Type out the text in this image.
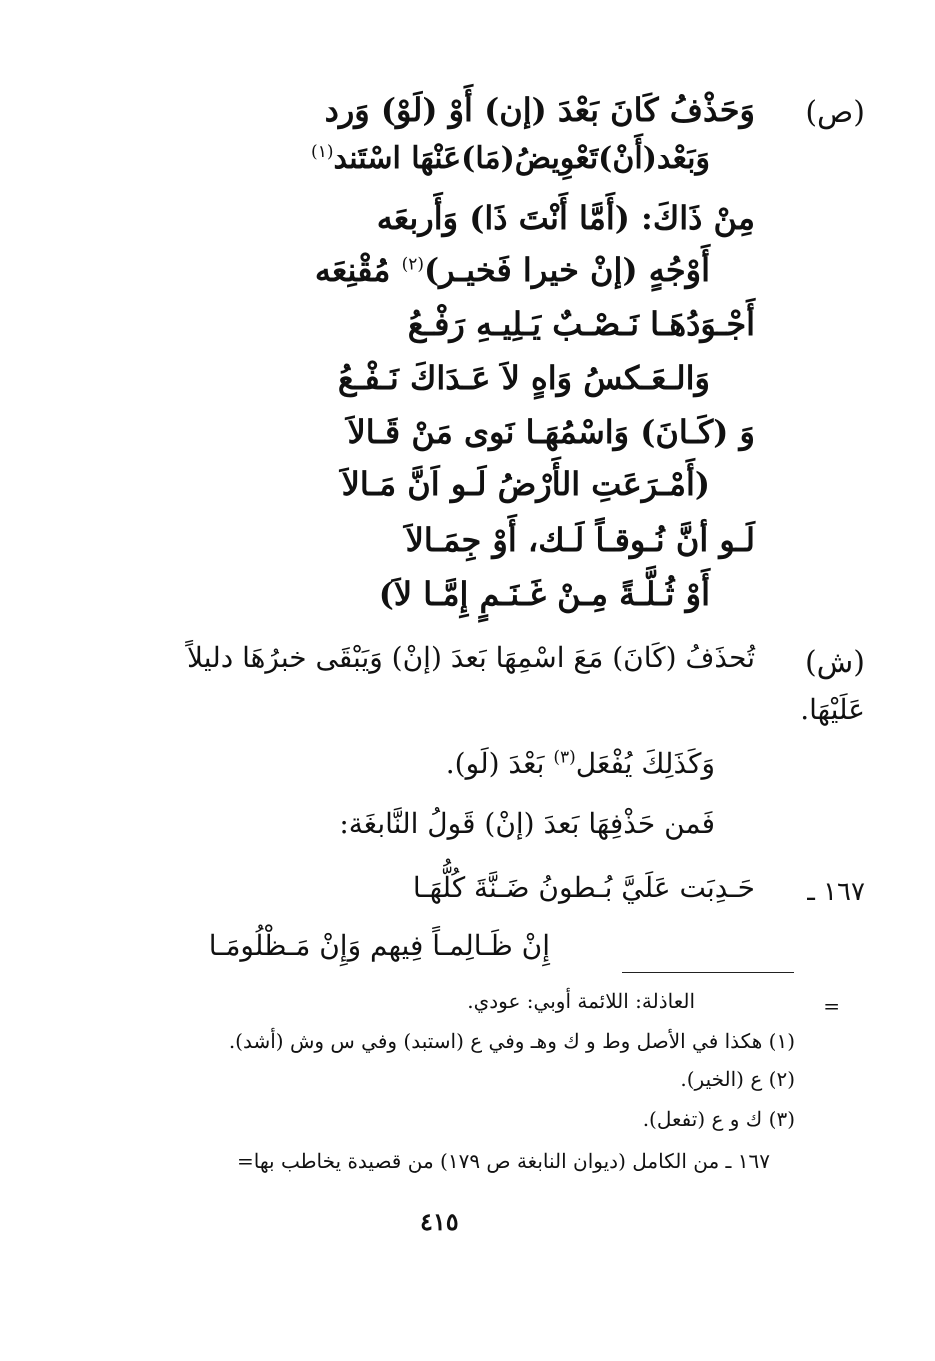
(ص)
وَحَذْفُ كَانَ بَعْدَ (إن) أَوْ (لَوْ) وَرد
وَبَعْد(أَنْ)تَعْوِيضُ(مَا)عَنْهَا اسْتَند$^{(١)}$
مِنْ ذَاكَ: (أَمَّا أَنْتَ ذَا) وَأَربعَه
أَوْجُهٍ (إنْ خيرا فَخيـر)$^{(٢)}$ مُقْنِعَه
أَجْـوَدُهَـا نَـصْـبٌ يَـلِيـهِ رَفْـعُ
وَالـعَـكسُ وَاهٍ لاَ عَـدَاكَ نَـفْـعُ
وَ (كَـانَ) وَاسْمُهَـا نَوى مَنْ قَـالاَ
(أَمْـرَعَتِ الأَرْضُ لَـو اَنَّ مَـالاَ
لَـو أنَّ نُـوقـاً لَـك، أَوْ جِمَـالاَ
أَوْ ثُـلَّـةً مِـنْ غَـنَـمٍ إِمَّـا لاَ)
(ش)
تُحذَفُ (كَانَ) مَعَ اسْمِهَا بَعدَ (إنْ) وَيَبْقَى خبرُهَا دليلاً
عَلَيْهَا.
وَكَذَلِكَ يُفْعَل$^{(٣)}$ بَعْدَ (لَو).
فَمن حَذْفِهَا بَعدَ (إنْ) قَولُ النَّابغَة:
١٦٧ ـ
حَـدِبَت عَلَيَّ بُـطونُ ضَـنَّةَ كُلُّهَـا
إِنْ ظَـالِمـاً فِيهم وَإِنْ مَـظْلُومَـا
=
العاذلة: اللائمة أوبي: عودي.
(١) هكذا في الأصل وط و ك وهـ وفي ع (استبد) وفي س وش (أشد).
(٢) ع (الخير).
(٣) ك و ع (تفعل).
١٦٧ ـ من الكامل (ديوان النابغة ص ١٧٩) من قصيدة يخاطب بها=
٤١٥
